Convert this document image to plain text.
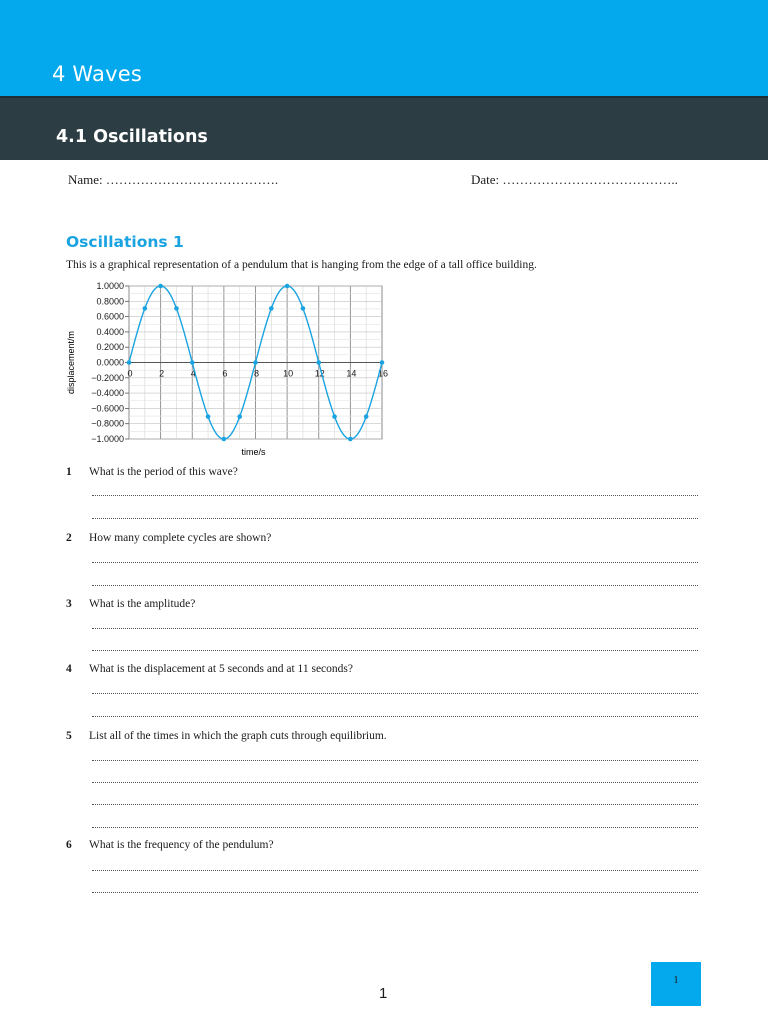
4 Waves
4.1 Oscillations
Name: ………………………………….	Date: …………………………………..
Oscillations 1
This is a graphical representation of a pendulum that is hanging from the edge of a tall office building.
1.0000
0.8000
0.6000
0.4000
0.2000
0.0000
−0.2000
−0.4000
−0.6000
−0.8000
−1.0000
0	2	4	6	8	10 12 14 16
time/s
displacement/m
1 What is the period of this wave?
2 How many complete cycles are shown?
3 What is the amplitude?
4 What is the displacement at 5 seconds and at 11 seconds?
5 List all of the times in which the graph cuts through equilibrium.
6 What is the frequency of the pendulum?
1
1
